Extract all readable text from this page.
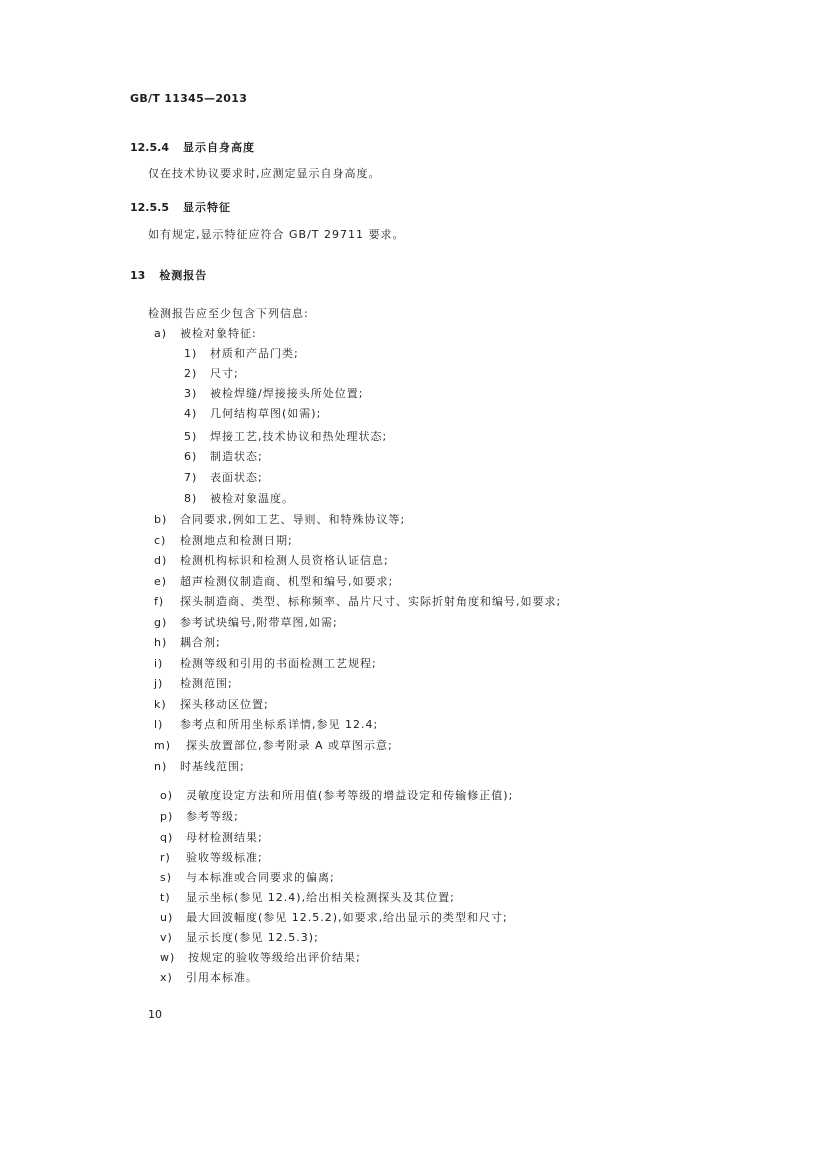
GB/T 11345—2013
12.5.4 显示自身高度
仅在技术协议要求时,应测定显示自身高度。
12.5.5 显示特征
如有规定,显示特征应符合 GB/T 29711 要求。
13 检测报告
检测报告应至少包含下列信息:
a) 被检对象特征:
1) 材质和产品门类;
2) 尺寸;
3) 被检焊缝/焊接接头所处位置;
4) 几何结构草图(如需);
5) 焊接工艺,技术协议和热处理状态;
6) 制造状态;
7) 表面状态;
8) 被检对象温度。
b) 合同要求,例如工艺、导则、和特殊协议等;
c) 检测地点和检测日期;
d) 检测机构标识和检测人员资格认证信息;
e) 超声检测仪制造商、机型和编号,如要求;
f) 探头制造商、类型、标称频率、晶片尺寸、实际折射角度和编号,如要求;
g) 参考试块编号,附带草图,如需;
h) 耦合剂;
i) 检测等级和引用的书面检测工艺规程;
j) 检测范围;
k) 探头移动区位置;
l) 参考点和所用坐标系详情,参见 12.4;
m) 探头放置部位,参考附录 A 或草图示意;
n) 时基线范围;
o) 灵敏度设定方法和所用值(参考等级的增益设定和传输修正值);
p) 参考等级;
q) 母材检测结果;
r) 验收等级标准;
s) 与本标准或合同要求的偏离;
t) 显示坐标(参见 12.4),给出相关检测探头及其位置;
u) 最大回波幅度(参见 12.5.2),如要求,给出显示的类型和尺寸;
v) 显示长度(参见 12.5.3);
w) 按规定的验收等级给出评价结果;
x) 引用本标准。
10
